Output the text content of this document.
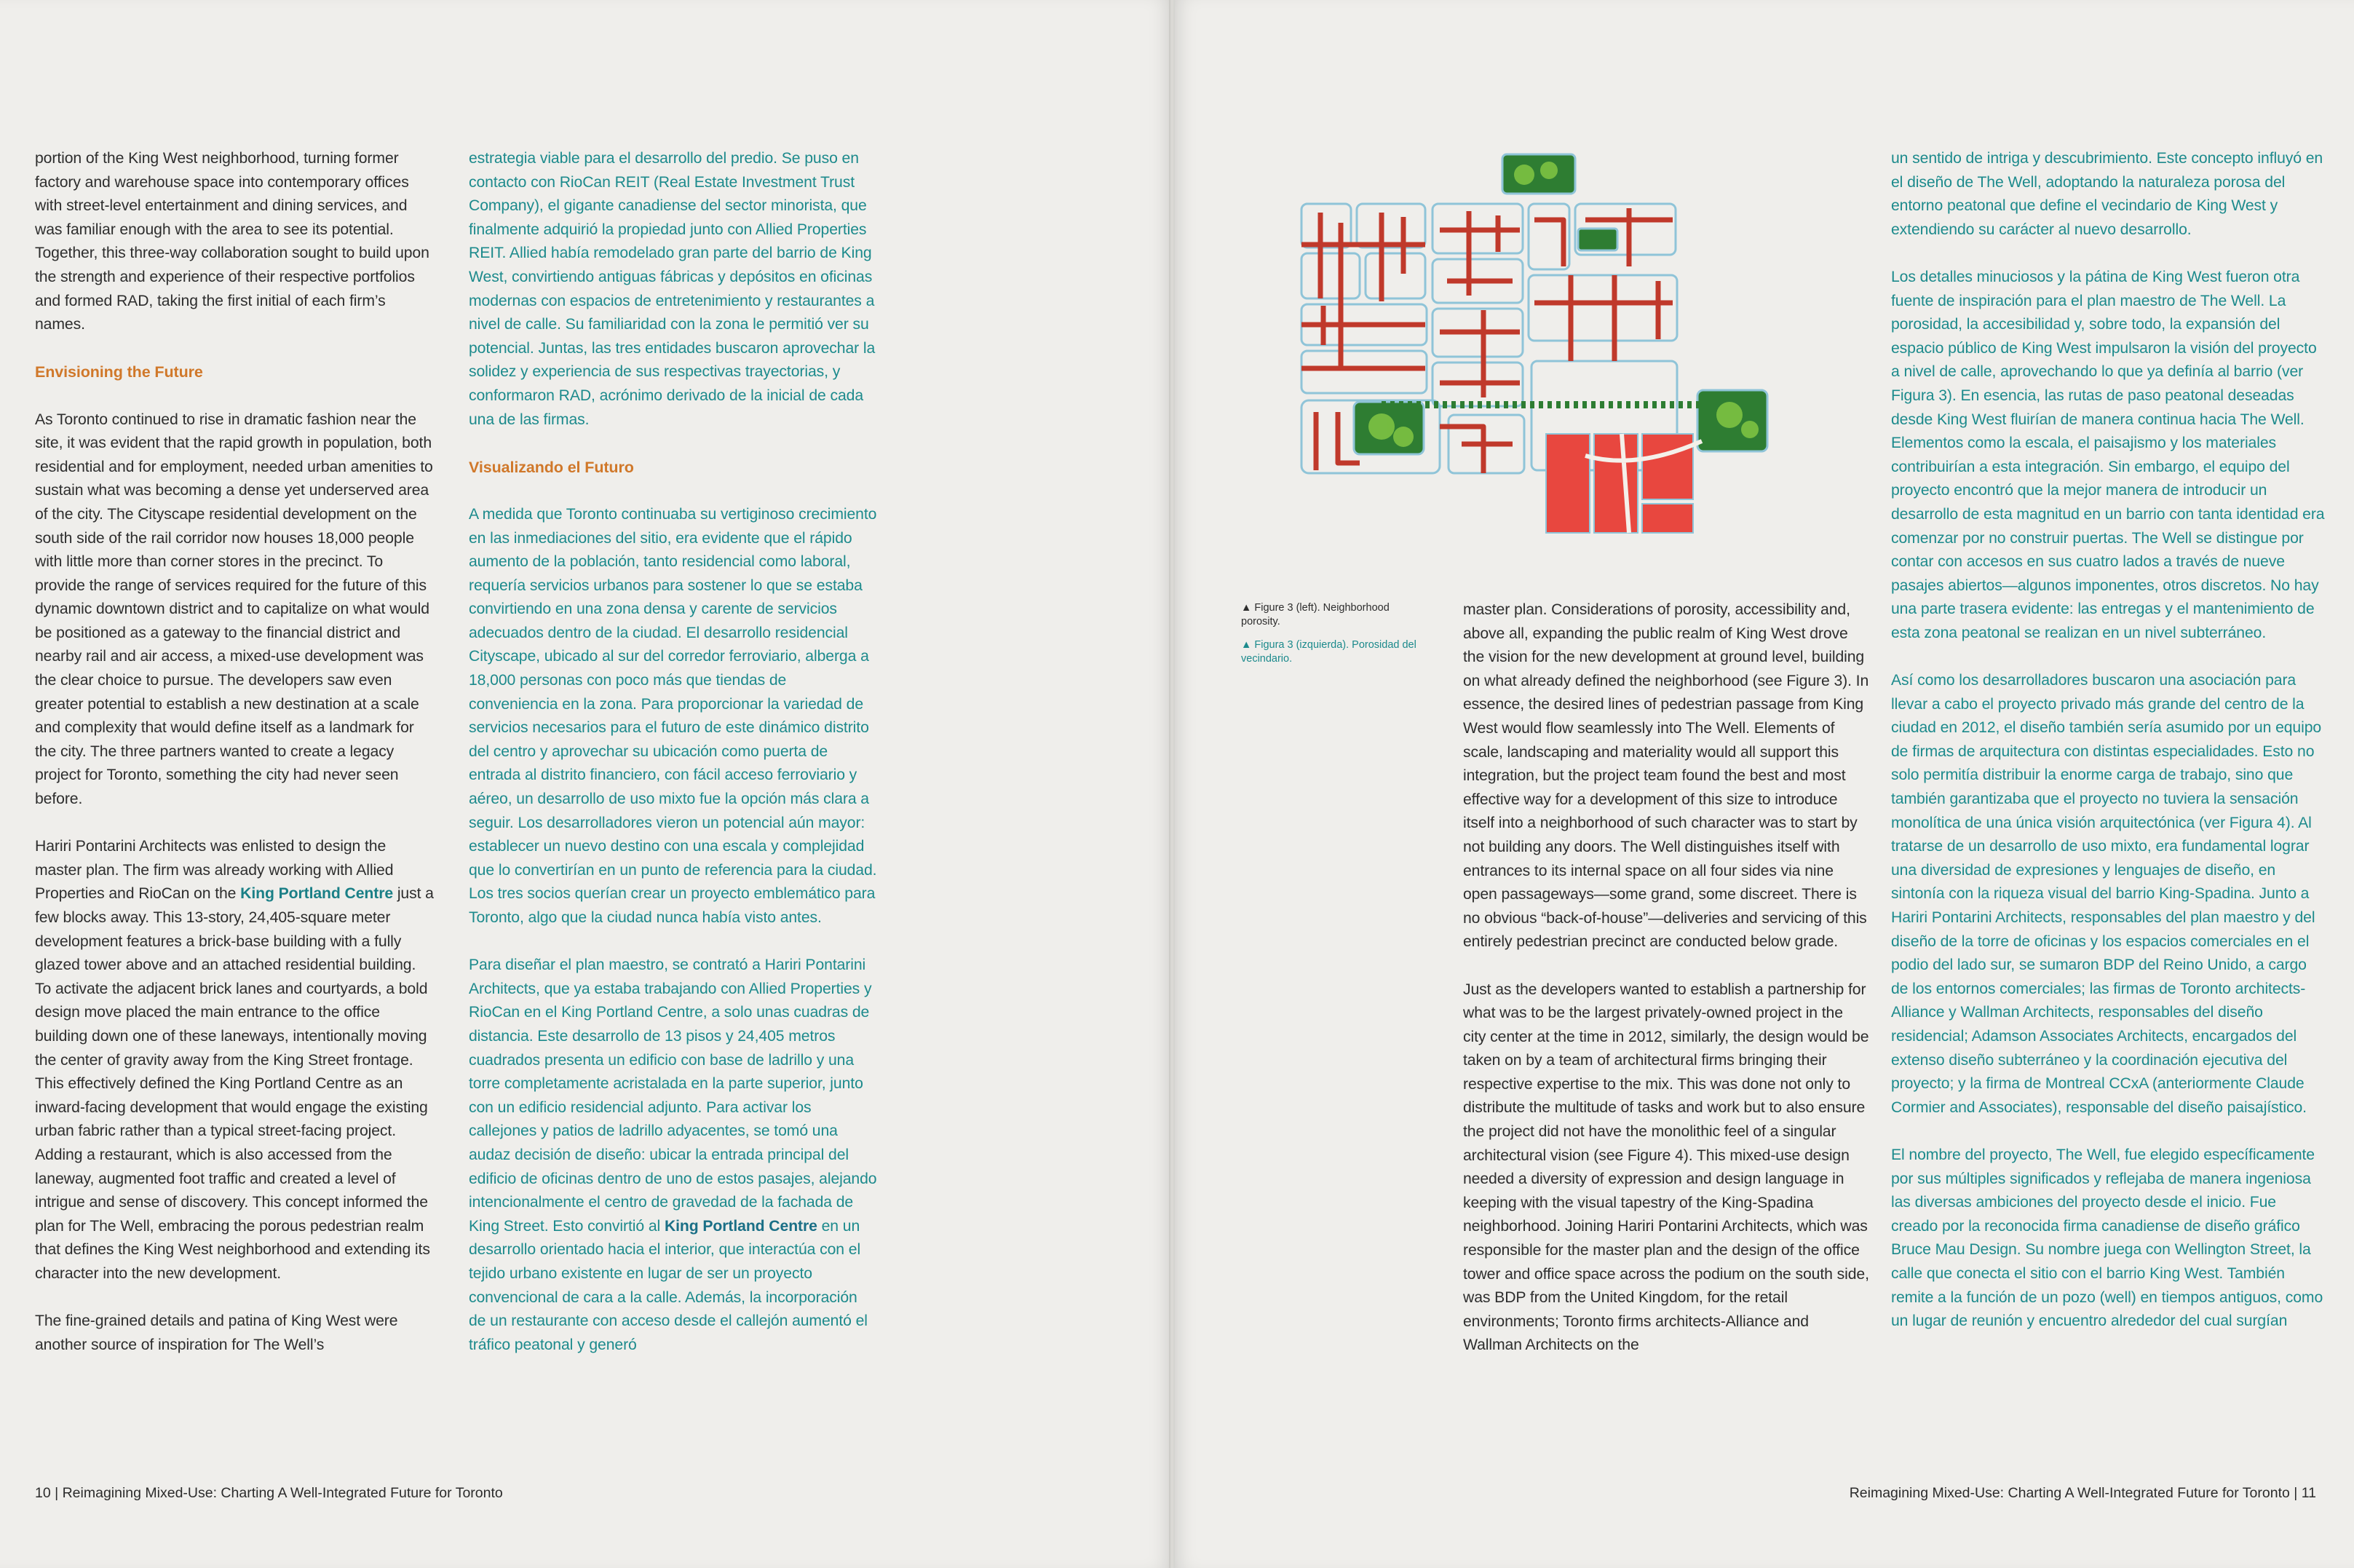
portion of the King West neighborhood, turning former factory and warehouse space into contemporary offices with street-level entertainment and dining services, and was familiar enough with the area to see its potential. Together, this three-way collaboration sought to build upon the strength and experience of their respective portfolios and formed RAD, taking the first initial of each firm’s names.

Envisioning the Future

As Toronto continued to rise in dramatic fashion near the site, it was evident that the rapid growth in population, both residential and for employment, needed urban amenities to sustain what was becoming a dense yet underserved area of the city. The Cityscape residential development on the south side of the rail corridor now houses 18,000 people with little more than corner stores in the precinct. To provide the range of services required for the future of this dynamic downtown district and to capitalize on what would be positioned as a gateway to the financial district and nearby rail and air access, a mixed-use development was the clear choice to pursue. The developers saw even greater potential to establish a new destination at a scale and complexity that would define itself as a landmark for the city. The three partners wanted to create a legacy project for Toronto, something the city had never seen before.

Hariri Pontarini Architects was enlisted to design the master plan. The firm was already working with Allied Properties and RioCan on the King Portland Centre just a few blocks away. This 13-story, 24,405-square meter development features a brick-base building with a fully glazed tower above and an attached residential building. To activate the adjacent brick lanes and courtyards, a bold design move placed the main entrance to the office building down one of these laneways, intentionally moving the center of gravity away from the King Street frontage. This effectively defined the King Portland Centre as an inward-facing development that would engage the existing urban fabric rather than a typical street-facing project. Adding a restaurant, which is also accessed from the laneway, augmented foot traffic and created a level of intrigue and sense of discovery. This concept informed the plan for The Well, embracing the porous pedestrian realm that defines the King West neighborhood and extending its character into the new development.

The fine-grained details and patina of King West were another source of inspiration for The Well’s

estrategia viable para el desarrollo del predio. Se puso en contacto con RioCan REIT (Real Estate Investment Trust Company), el gigante canadiense del sector minorista, que finalmente adquirió la propiedad junto con Allied Properties REIT. Allied había remodelado gran parte del barrio de King West, convirtiendo antiguas fábricas y depósitos en oficinas modernas con espacios de entretenimiento y restaurantes a nivel de calle. Su familiaridad con la zona le permitió ver su potencial. Juntas, las tres entidades buscaron aprovechar la solidez y experiencia de sus respectivas trayectorias, y conformaron RAD, acrónimo derivado de la inicial de cada una de las firmas.

Visualizando el Futuro

A medida que Toronto continuaba su vertiginoso crecimiento en las inmediaciones del sitio, era evidente que el rápido aumento de la población, tanto residencial como laboral, requería servicios urbanos para sostener lo que se estaba convirtiendo en una zona densa y carente de servicios adecuados dentro de la ciudad. El desarrollo residencial Cityscape, ubicado al sur del corredor ferroviario, alberga a 18,000 personas con poco más que tiendas de conveniencia en la zona. Para proporcionar la variedad de servicios necesarios para el futuro de este dinámico distrito del centro y aprovechar su ubicación como puerta de entrada al distrito financiero, con fácil acceso ferroviario y aéreo, un desarrollo de uso mixto fue la opción más clara a seguir. Los desarrolladores vieron un potencial aún mayor: establecer un nuevo destino con una escala y complejidad que lo convertirían en un punto de referencia para la ciudad. Los tres socios querían crear un proyecto emblemático para Toronto, algo que la ciudad nunca había visto antes.

Para diseñar el plan maestro, se contrató a Hariri Pontarini Architects, que ya estaba trabajando con Allied Properties y RioCan en el King Portland Centre, a solo unas cuadras de distancia. Este desarrollo de 13 pisos y 24,405 metros cuadrados presenta un edificio con base de ladrillo y una torre completamente acristalada en la parte superior, junto con un edificio residencial adjunto. Para activar los callejones y patios de ladrillo adyacentes, se tomó una audaz decisión de diseño: ubicar la entrada principal del edificio de oficinas dentro de uno de estos pasajes, alejando intencionalmente el centro de gravedad de la fachada de King Street. Esto convirtió al King Portland Centre en un desarrollo orientado hacia el interior, que interactúa con el tejido urbano existente en lugar de ser un proyecto convencional de cara a la calle. Además, la incorporación de un restaurante con acceso desde el callejón aumentó el tráfico peatonal y generó

10 | Reimagining Mixed-Use: Charting A Well-Integrated Future for Toronto
▲ Figure 3 (left). Neighborhood porosity.
▲ Figura 3 (izquierda). Porosidad del vecindario.

master plan. Considerations of porosity, accessibility and, above all, expanding the public realm of King West drove the vision for the new development at ground level, building on what already defined the neighborhood (see Figure 3). In essence, the desired lines of pedestrian passage from King West would flow seamlessly into The Well. Elements of scale, landscaping and materiality would all support this integration, but the project team found the best and most effective way for a development of this size to introduce itself into a neighborhood of such character was to start by not building any doors. The Well distinguishes itself with entrances to its internal space on all four sides via nine open passageways—some grand, some discreet. There is no obvious “back-of-house”—deliveries and servicing of this entirely pedestrian precinct are conducted below grade.

Just as the developers wanted to establish a partnership for what was to be the largest privately-owned project in the city center at the time in 2012, similarly, the design would be taken on by a team of architectural firms bringing their respective expertise to the mix. This was done not only to distribute the multitude of tasks and work but to also ensure the project did not have the monolithic feel of a singular architectural vision (see Figure 4). This mixed-use design needed a diversity of expression and design language in keeping with the visual tapestry of the King-Spadina neighborhood. Joining Hariri Pontarini Architects, which was responsible for the master plan and the design of the office tower and office space across the podium on the south side, was BDP from the United Kingdom, for the retail environments; Toronto firms architects-Alliance and Wallman Architects on the

un sentido de intriga y descubrimiento. Este concepto influyó en el diseño de The Well, adoptando la naturaleza porosa del entorno peatonal que define el vecindario de King West y extendiendo su carácter al nuevo desarrollo.

Los detalles minuciosos y la pátina de King West fueron otra fuente de inspiración para el plan maestro de The Well. La porosidad, la accesibilidad y, sobre todo, la expansión del espacio público de King West impulsaron la visión del proyecto a nivel de calle, aprovechando lo que ya definía al barrio (ver Figura 3). En esencia, las rutas de paso peatonal deseadas desde King West fluirían de manera continua hacia The Well. Elementos como la escala, el paisajismo y los materiales contribuirían a esta integración. Sin embargo, el equipo del proyecto encontró que la mejor manera de introducir un desarrollo de esta magnitud en un barrio con tanta identidad era comenzar por no construir puertas. The Well se distingue por contar con accesos en sus cuatro lados a través de nueve pasajes abiertos—algunos imponentes, otros discretos. No hay una parte trasera evidente: las entregas y el mantenimiento de esta zona peatonal se realizan en un nivel subterráneo.

Así como los desarrolladores buscaron una asociación para llevar a cabo el proyecto privado más grande del centro de la ciudad en 2012, el diseño también sería asumido por un equipo de firmas de arquitectura con distintas especialidades. Esto no solo permitía distribuir la enorme carga de trabajo, sino que también garantizaba que el proyecto no tuviera la sensación monolítica de una única visión arquitectónica (ver Figura 4). Al tratarse de un desarrollo de uso mixto, era fundamental lograr una diversidad de expresiones y lenguajes de diseño, en sintonía con la riqueza visual del barrio King-Spadina. Junto a Hariri Pontarini Architects, responsables del plan maestro y del diseño de la torre de oficinas y los espacios comerciales en el podio del lado sur, se sumaron BDP del Reino Unido, a cargo de los entornos comerciales; las firmas de Toronto architects-Alliance y Wallman Architects, responsables del diseño residencial; Adamson Associates Architects, encargados del extenso diseño subterráneo y la coordinación ejecutiva del proyecto; y la firma de Montreal CCxA (anteriormente Claude Cormier and Associates), responsable del diseño paisajístico.

El nombre del proyecto, The Well, fue elegido específicamente por sus múltiples significados y reflejaba de manera ingeniosa las diversas ambiciones del proyecto desde el inicio. Fue creado por la reconocida firma canadiense de diseño gráfico Bruce Mau Design. Su nombre juega con Wellington Street, la calle que conecta el sitio con el barrio King West. También remite a la función de un pozo (well) en tiempos antiguos, como un lugar de reunión y encuentro alrededor del cual surgían

Reimagining Mixed-Use: Charting A Well-Integrated Future for Toronto | 11
